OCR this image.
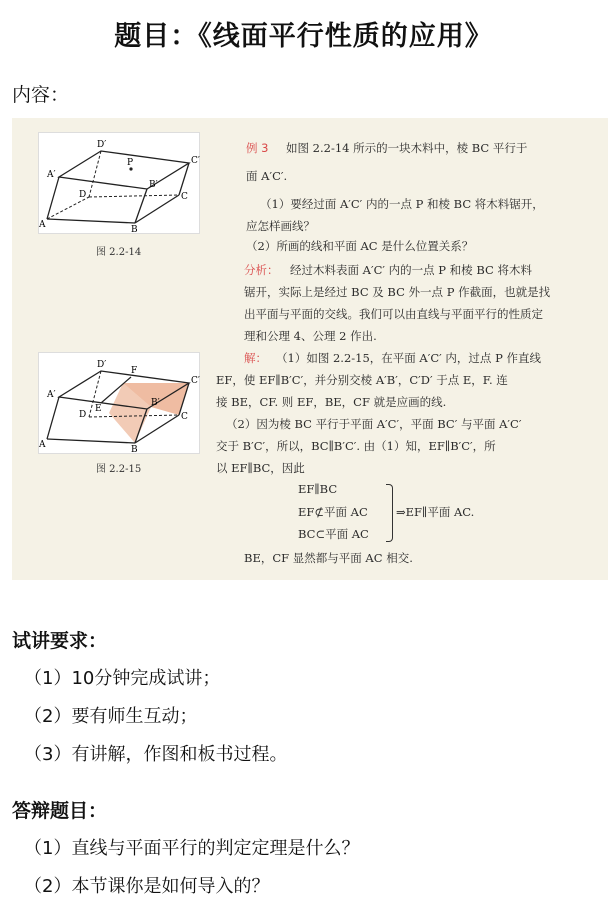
题目：《线面平行性质的应用》
内容：
D′
A′
P	C′
B′
D	C
A	B
图 2.2-14
D′
F
A′
E
C′
B′
D	C
A	B
图 2.2-15
例 3 如图 2.2-14 所示的一块木料中，棱 BC 平行于
面 A′C′.
（1）要经过面 A′C′ 内的一点 P 和棱 BC 将木料锯开，
应怎样画线？
（2）所画的线和平面 AC 是什么位置关系？
分析： 经过木料表面 A′C′ 内的一点 P 和棱 BC 将木料
锯开，实际上是经过 BC 及 BC 外一点 P 作截面，也就是找
出平面与平面的交线。我们可以由直线与平面平行的性质定
理和公理 4、公理 2 作出.
解： （1）如图 2.2-15，在平面 A′C′ 内，过点 P 作直线
EF，使 EF∥B′C′，并分别交棱 A′B′，C′D′ 于点 E，F. 连
接 BE，CF. 则 EF，BE，CF 就是应画的线.
（2）因为棱 BC 平行于平面 A′C′，平面 BC′ 与平面 A′C′
交于 B′C′，所以，BC∥B′C′. 由（1）知，EF∥B′C′，所
以 EF∥BC，因此
EF∥BC
EF⊄平面 AC
BC⊂平面 AC
⇒EF∥平面 AC.
BE，CF 显然都与平面 AC 相交.
试讲要求：
（1）10分钟完成试讲；
（2）要有师生互动；
（3）有讲解，作图和板书过程。
答辩题目：
（1）直线与平面平行的判定定理是什么？
（2）本节课你是如何导入的？
